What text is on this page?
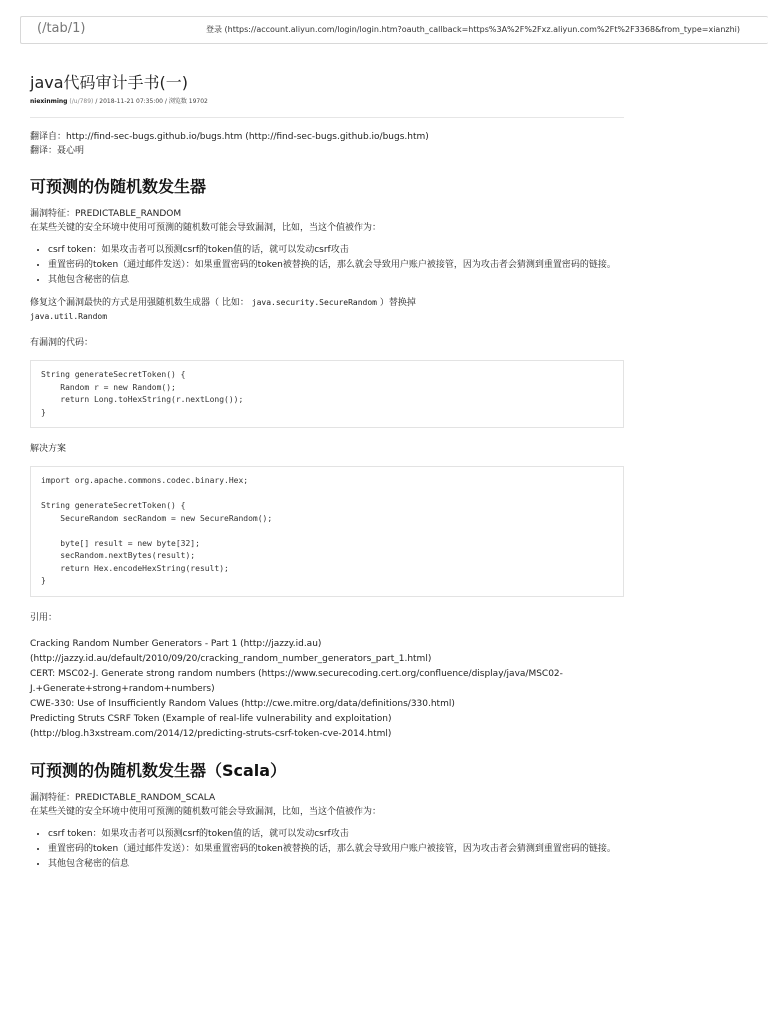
(/tab/1)	登录 (https://account.aliyun.com/login/login.htm?oauth_callback=https%3A%2F%2Fxz.aliyun.com%2Ft%2F3368&from_type=xianzhi)
java代码审计手书(一)
niexinming (/u/789) / 2018-11-21 07:35:00 / 浏览数 19702

翻译自：http://find-sec-bugs.github.io/bugs.htm (http://find-sec-bugs.github.io/bugs.htm)

翻译：聂心明

可预测的伪随机数发生器

漏洞特征：PREDICTABLE_RANDOM

在某些关键的安全环境中使用可预测的随机数可能会导致漏洞，比如，当这个值被作为：

• csrf token：如果攻击者可以预测csrf的token值的话，就可以发动csrf攻击
• 重置密码的token（通过邮件发送）：如果重置密码的token被替换的话，那么就会导致用户账户被接管，因为攻击者会猜测到重置密码的链接。
• 其他包含秘密的信息

修复这个漏洞最快的方式是用强随机数生成器（ 比如： java.security.SecureRandom ）替换掉
java.util.Random

有漏洞的代码：

String generateSecretToken() {
Random r = new Random();
return Long.toHexString(r.nextLong());
}

解决方案

import org.apache.commons.codec.binary.Hex;

String generateSecretToken() {
SecureRandom secRandom = new SecureRandom();

byte[] result = new byte[32];
secRandom.nextBytes(result);
return Hex.encodeHexString(result);
}

引用：

Cracking Random Number Generators - Part 1 (http://jazzy.id.au)

(http://jazzy.id.au/default/2010/09/20/cracking_random_number_generators_part_1.html)

CERT: MSC02-J. Generate strong random numbers (https://www.securecoding.cert.org/confluence/display/java/MSC02-

J.+Generate+strong+random+numbers)

CWE-330: Use of Insufficiently Random Values (http://cwe.mitre.org/data/definitions/330.html)

Predicting Struts CSRF Token (Example of real-life vulnerability and exploitation)

(http://blog.h3xstream.com/2014/12/predicting-struts-csrf-token-cve-2014.html)

可预测的伪随机数发生器（Scala）

漏洞特征：PREDICTABLE_RANDOM_SCALA

在某些关键的安全环境中使用可预测的随机数可能会导致漏洞，比如，当这个值被作为：

• csrf token：如果攻击者可以预测csrf的token值的话，就可以发动csrf攻击
• 重置密码的token（通过邮件发送）：如果重置密码的token被替换的话，那么就会导致用户账户被接管，因为攻击者会猜测到重置密码的链接。
• 其他包含秘密的信息
